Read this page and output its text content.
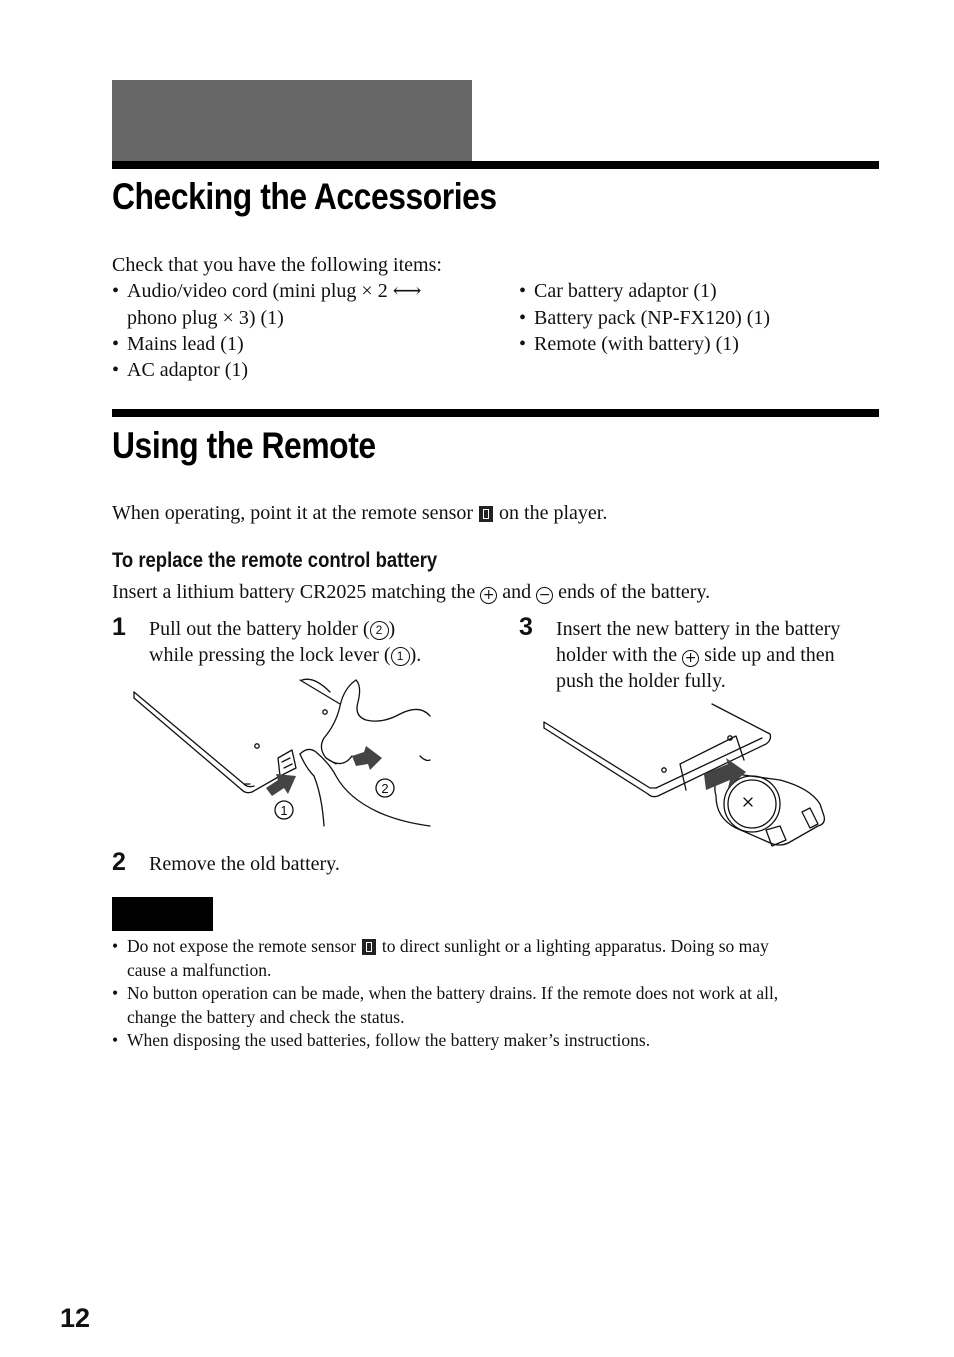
Checking the Accessories
Check that you have the following items:
• Audio/video cord (mini plug × 2 ⟷
phono plug × 3) (1)
• Mains lead (1)
• AC adaptor (1)
• Car battery adaptor (1)
• Battery pack (NP-FX120) (1)
• Remote (with battery) (1)
Using the Remote
When operating, point it at the remote sensor on the player.
To replace the remote control battery
Insert a lithium battery CR2025 matching the + and − ends of the battery.
1 Pull out the battery holder ( 2 )
while pressing the lock lever ( 1 ).
1
2
3 Insert the new battery in the battery
holder with the + side up and then
push the holder fully.
2 Remove the old battery.
• Do not expose the remote sensor to direct sunlight or a lighting apparatus. Doing so may
cause a malfunction.
• No button operation can be made, when the battery drains. If the remote does not work at all,
change the battery and check the status.
• When disposing the used batteries, follow the battery maker’s instructions.
12
